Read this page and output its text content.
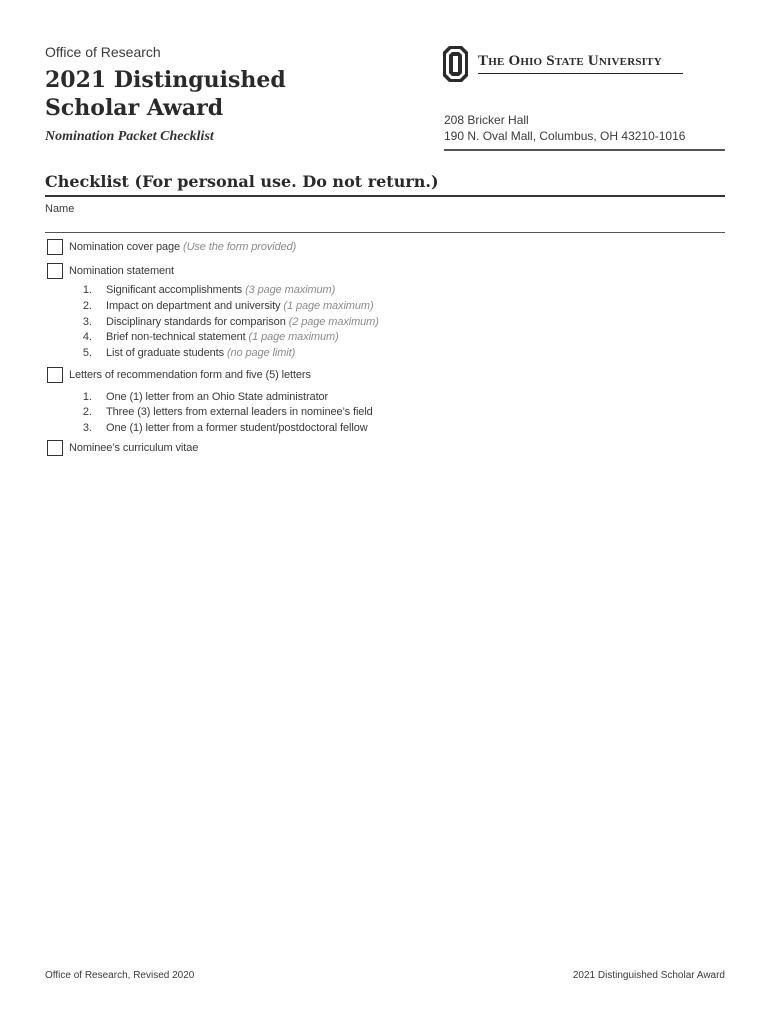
Office of Research
2021 Distinguished
Scholar Award
Nomination Packet Checklist
The Ohio State University
208 Bricker Hall
190 N. Oval Mall, Columbus, OH 43210-1016
Checklist (For personal use. Do not return.)
Name
Nomination cover page (Use the form provided)
Nomination statement
1. Significant accomplishments (3 page maximum)
2. Impact on department and university (1 page maximum)
3. Disciplinary standards for comparison (2 page maximum)
4. Brief non-technical statement (1 page maximum)
5. List of graduate students (no page limit)
Letters of recommendation form and five (5) letters
1. One (1) letter from an Ohio State administrator
2. Three (3) letters from external leaders in nominee’s field
3. One (1) letter from a former student/postdoctoral fellow
Nominee’s curriculum vitae
Office of Research, Revised 2020	2021 Distinguished Scholar Award
